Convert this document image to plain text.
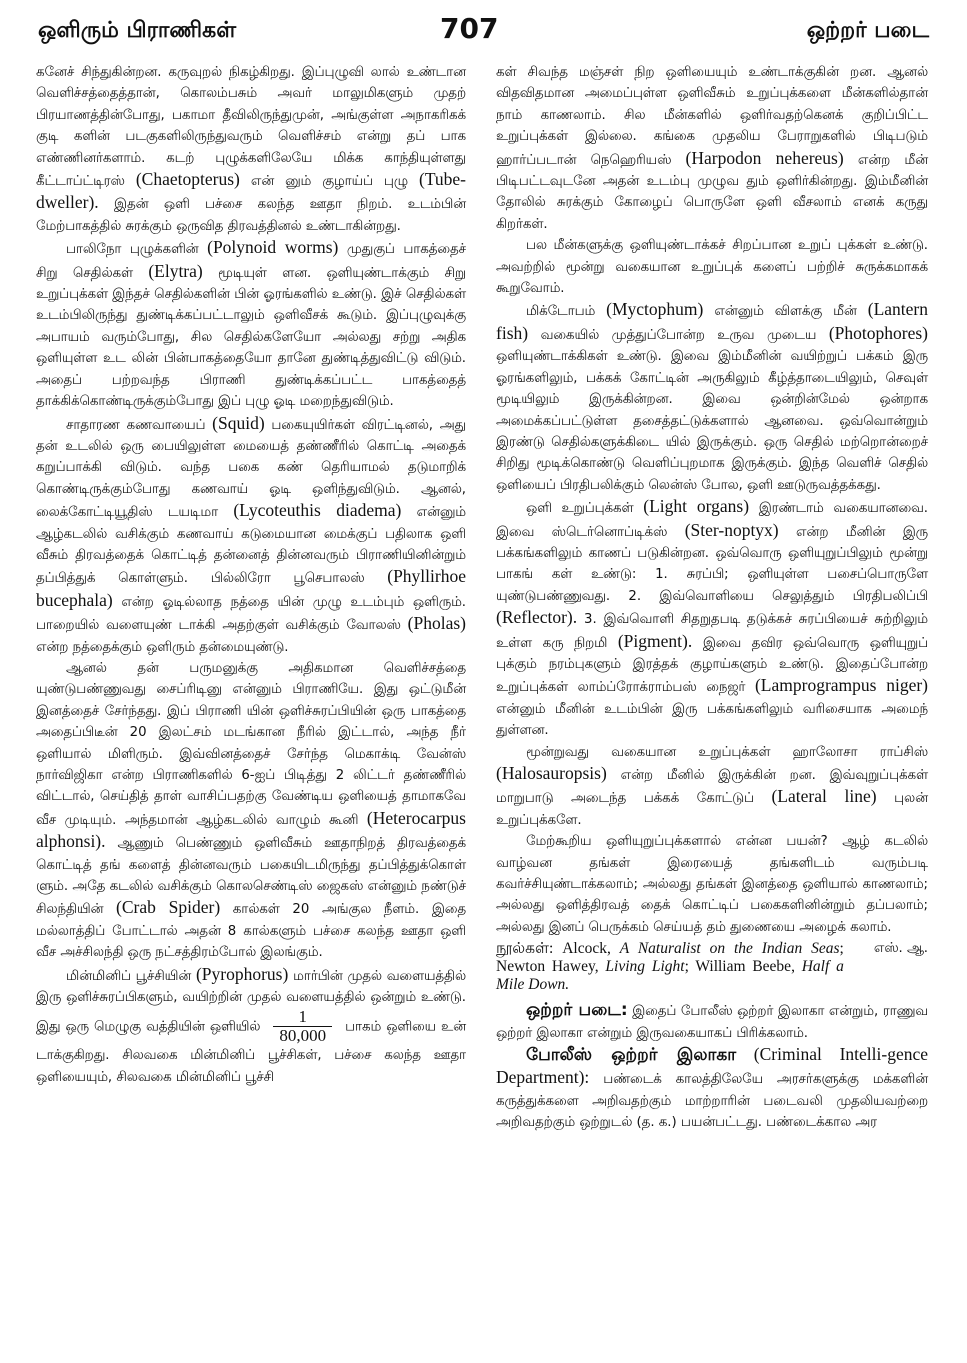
ஒளிரும் பிராணிகள்	707	ஒற்றர் படை

கனேச் சிந்துகின்றன. கருவுறல் நிகழ்கிறது. இப்புழுவி லால் உண்டான வெளிச்சத்தைத்தான், கொலம்பசும் அவர் மாலுமிகளும் முதற் பிரயாணத்தின்போது, பகாமா தீவிலிருந்துமுன், அங்குள்ள அநாகரிகக் குடி களின் படகுகளிலிருந்துவரும் வெளிச்சம் என்று தப் பாக எண்ணினர்களாம். கடற் புழுக்களிலேயே மிக்க காந்தியுள்ளது கீட்டாப்ட்டிரஸ் (Chaetopterus) என் னும் குழாய்ப் புழு (Tube-dweller). இதன் ஒளி பச்சை கலந்த ஊதா நிறம். உடம்பின் மேற்பாகத்தில் சுரக்கும் ஒருவித திரவத்தினல் உண்டாகின்றது.

பாலிநோ புழுக்களின் (Polynoid worms) முதுகுப் பாகத்தைச் சிறு செதில்கள் (Elytra) மூடியுள் ளன. ஒளியுண்டாக்கும் சிறு உறுப்புக்கள் இந்தச் செதில்களின் பின் ஓரங்களில் உண்டு. இச் செதில்கள் உடம்பிலிருந்து துண்டிக்கப்பட்டாலும் ஒளிவீசக் கூடும். இப்புழுவுக்கு அபாயம் வரும்போது, சில செதில்களேயோ அல்லது சற்று அதிக ஒளியுள்ள உட லின் பின்பாகத்தையோ தானே துண்டித்துவிட்டு விடும். அதைப் பற்றவந்த பிராணி துண்டிக்கப்பட்ட பாகத்தைத் தாக்கிக்கொண்டிருக்கும்போது இப் புழு ஓடி மறைந்துவிடும்.

சாதாரண கணவாயைப் (Squid) பகையுயிர்கள் விரட்டினல், அது தன் உடலில் ஒரு பையிலுள்ள மையைத் தண்ணீரில் கொட்டி அதைக் கறுப்பாக்கி விடும். வந்த பகை கண் தெரியாமல் தடுமாறிக் கொண்டிருக்கும்போது கணவாய் ஓடி ஒளிந்துவிடும். ஆனல், லைக்கோட்டியூதிஸ் டயடிமா (Lycoteuthis diadema) என்னும் ஆழ்கடலில் வசிக்கும் கணவாய் கடுமையான மைக்குப் பதிலாக ஒளி வீசும் திரவத்தைக் கொட்டித் தன்னைத் தின்னவரும் பிராணியினின்றும் தப்பித்துக் கொள்ளும். பில்லிரோ பூசெபாலஸ் (Phyllirhoe bucephala) என்ற ஓடில்லாத நத்தை யின் முழு உடம்பும் ஒளிரும். பாறையில் வளையுண் டாக்கி அதற்குள் வசிக்கும் வோலஸ் (Pholas) என்ற நத்தைக்கும் ஒளிரும் தன்மையுண்டு.

ஆனல் தன் பருமனுக்கு அதிகமான வெளிச்சத்தை யுண்டுபண்ணுவது சைப்ரிடினு என்னும் பிராணியே. இது ஒட்டுமீன் இனத்தைச் சேர்ந்தது. இப் பிராணி யின் ஒளிச்சுரப்பியின் ஒரு பாகத்தை அதைப்பிடீன் 20 இலட்சம் மடங்கான நீரில் இட்டால், அந்த நீர் ஒளியால் மிளிரும். இவ்வினத்தைச் சேர்ந்த மெகாக்டி வேன்ஸ் நார்விஜிகா என்ற பிராணிகளில் 6-ஐப் பிடித்து 2 லிட்டர் தண்ணீரில் விட்டால், செய்தித் தாள் வாசிப்பதற்கு வேண்டிய ஒளியைத் தாமாகவே வீச முடியும். அந்தமான் ஆழ்கடலில் வாழும் கூனி (Heterocarpus alphonsi). ஆணும் பெண்ணும் ஒளிவீசும் ஊதாநிறத் திரவத்தைக் கொட்டித் தங் களைத் தின்னவரும் பகையிடமிருந்து தப்பித்துக்கொள் ளும். அதே கடலில் வசிக்கும் கொலசெண்டிஸ் ஜைகஸ் என்னும் நண்டுச் சிலந்தியின் (Crab Spider) கால்கள் 20 அங்குல நீளம். இதை மல்லாத்திப் போட்டால் அதன் 8 கால்களும் பச்சை கலந்த ஊதா ஒளி வீச அச்சிலந்தி ஒரு நட்சத்திரம்போல் இலங்கும்.

மின்மினிப் பூச்சியின் (Pyrophorus) மார்பின் முதல் வளையத்தில் இரு ஒளிச்சுரப்பிகளும், வயிற்றின் முதல் வளையத்தில் ஒன்றும் உண்டு. இது ஒரு மெழுகு வத்தியின் ஒளியில் $\frac{1}{80,000}$ பாகம் ஒளியை உன் டாக்குகிறது. சிலவகை மின்மினிப் பூச்சிகள், பச்சை கலந்த ஊதா ஒளியையும், சிலவகை மின்மினிப் பூச்சி

கள் சிவந்த மஞ்சள் நிற ஒளியையும் உண்டாக்குகின் றன. ஆனல் விதவிதமான அமைப்புள்ள ஒளிவீசும் உறுப்புக்களை மீன்களில்தான் நாம் காணலாம். சில மீன்களில் ஒளிர்வதற்கெனக் குறிப்பிட்ட உறுப்புக்கள் இல்லை. கங்கை முதலிய பேராறுகளில் பிடிபடும் ஹார்ப்படான் நெஹெரியஸ் (Harpodon nehereus) என்ற மீன் பிடிபட்டவுடனே அதன் உடம்பு முழுவ தும் ஒளிர்கின்றது. இம்மீனின் தோலில் சுரக்கும் கோழைப் பொருளே ஒளி வீசலாம் எனக் கருது கிறர்கள்.

பல மீன்களுக்கு ஒளியுண்டாக்கச் சிறப்பான உறுப் புக்கள் உண்டு. அவற்றில் மூன்று வகையான உறுப்புக் களைப் பற்றிச் சுருக்கமாகக் கூறுவோம்.

மிக்டோபம் (Myctophum) என்னும் விளக்கு மீன் (Lantern fish) வகையில் முத்துப்போன்ற உருவ முடைய (Photophores) ஒளியுண்டாக்கிகள் உண்டு. இவை இம்மீனின் வயிற்றுப் பக்கம் இரு ஓரங்களிலும், பக்கக் கோட்டின் அருகிலும் கீழ்த்தாடையிலும், செவுள் மூடியிலும் இருக்கின்றன. இவை ஒன்றின்மேல் ஒன்றாக அமைக்கப்பட்டுள்ள தசைத்தட்டுக்களால் ஆனவை. ஒவ்வொன்றும் இரண்டு செதில்களுக்கிடை யில் இருக்கும். ஒரு செதில் மற்றொன்றைச் சிறிது மூடிக்கொண்டு வெளிப்புறமாக இருக்கும். இந்த வெளிச் செதில் ஒளியைப் பிரதிபலிக்கும் லென்ஸ் போல, ஒளி ஊடுருவத்தக்கது.

ஒளி உறுப்புக்கள் (Light organs) இரண்டாம் வகையானவை. இவை ஸ்டெர்னொப்டிக்ஸ் (Ster-noptyx) என்ற மீனின் இரு பக்கங்களிலும் காணப் படுகின்றன. ஒவ்வொரு ஒளியுறுப்பிலும் மூன்று பாகங் கள் உண்டு: 1. சுரப்பி; ஒளியுள்ள பசைப்பொருளே யுண்டுபண்ணுவது. 2. இவ்வொளியை செலுத்தும் பிரதிபலிப்பி (Reflector). 3. இவ்வொளி சிதறுதபடி தடுக்கச் சுரப்பியைச் சுற்றிலும் உள்ள கரு நிறமி (Pigment). இவை தவிர ஒவ்வொரு ஒளியுறுப் புக்கும் நரம்புகளும் இரத்தக் குழாய்களும் உண்டு. இதைப்போன்ற உறுப்புக்கள் லாம்ப்ரோக்ராம்பஸ் நைஜர் (Lamprogrampus niger) என்னும் மீனின் உடம்பின் இரு பக்கங்களிலும் வரிசையாக அமைந் துள்ளன.

மூன்றுவது வகையான உறுப்புக்கள் ஹாலோசா ராப்சிஸ் (Halosauropsis) என்ற மீனில் இருக்கின் றன. இவ்வுறுப்புக்கள் மாறுபாடு அடைந்த பக்கக் கோட்டுப் (Lateral line) புலன் உறுப்புக்களே.

மேற்கூறிய ஒளியுறுப்புக்களால் என்ன பயன்? ஆழ் கடலில் வாழ்வன தங்கள் இரையைத் தங்களிடம் வரும்படி கவர்ச்சியுண்டாக்கலாம்; அல்லது தங்கள் இனத்தை ஒளியால் காணலாம்; அல்லது ஒளித்திரவத் தைக் கொட்டிப் பகைகளினின்றும் தப்பலாம்; அல்லது இனப் பெருக்கம் செய்யத் தம் துணையை அழைக் கலாம்.
எஸ். ஆ.

நூல்கள்: Alcock, A Naturalist on the Indian Seas; Newton Hawey, Living Light; William Beebe, Half a Mile Down.

ஒற்றர் படை: இதைப் போலீஸ் ஒற்றர் இலாகா என்றும், ராணுவ ஒற்றர் இலாகா என்றும் இருவகையாகப் பிரிக்கலாம்.

போலீஸ் ஒற்றர் இலாகா (Criminal Intelli-gence Department): பண்டைக் காலத்திலேயே அரசர்களுக்கு மக்களின் கருத்துக்களை அறிவதற்கும் மாற்றாரின் படைவலி முதலியவற்றை அறிவதற்கும் ஒற்றுடல் (த. க.) பயன்பட்டது. பண்டைக்கால அர
